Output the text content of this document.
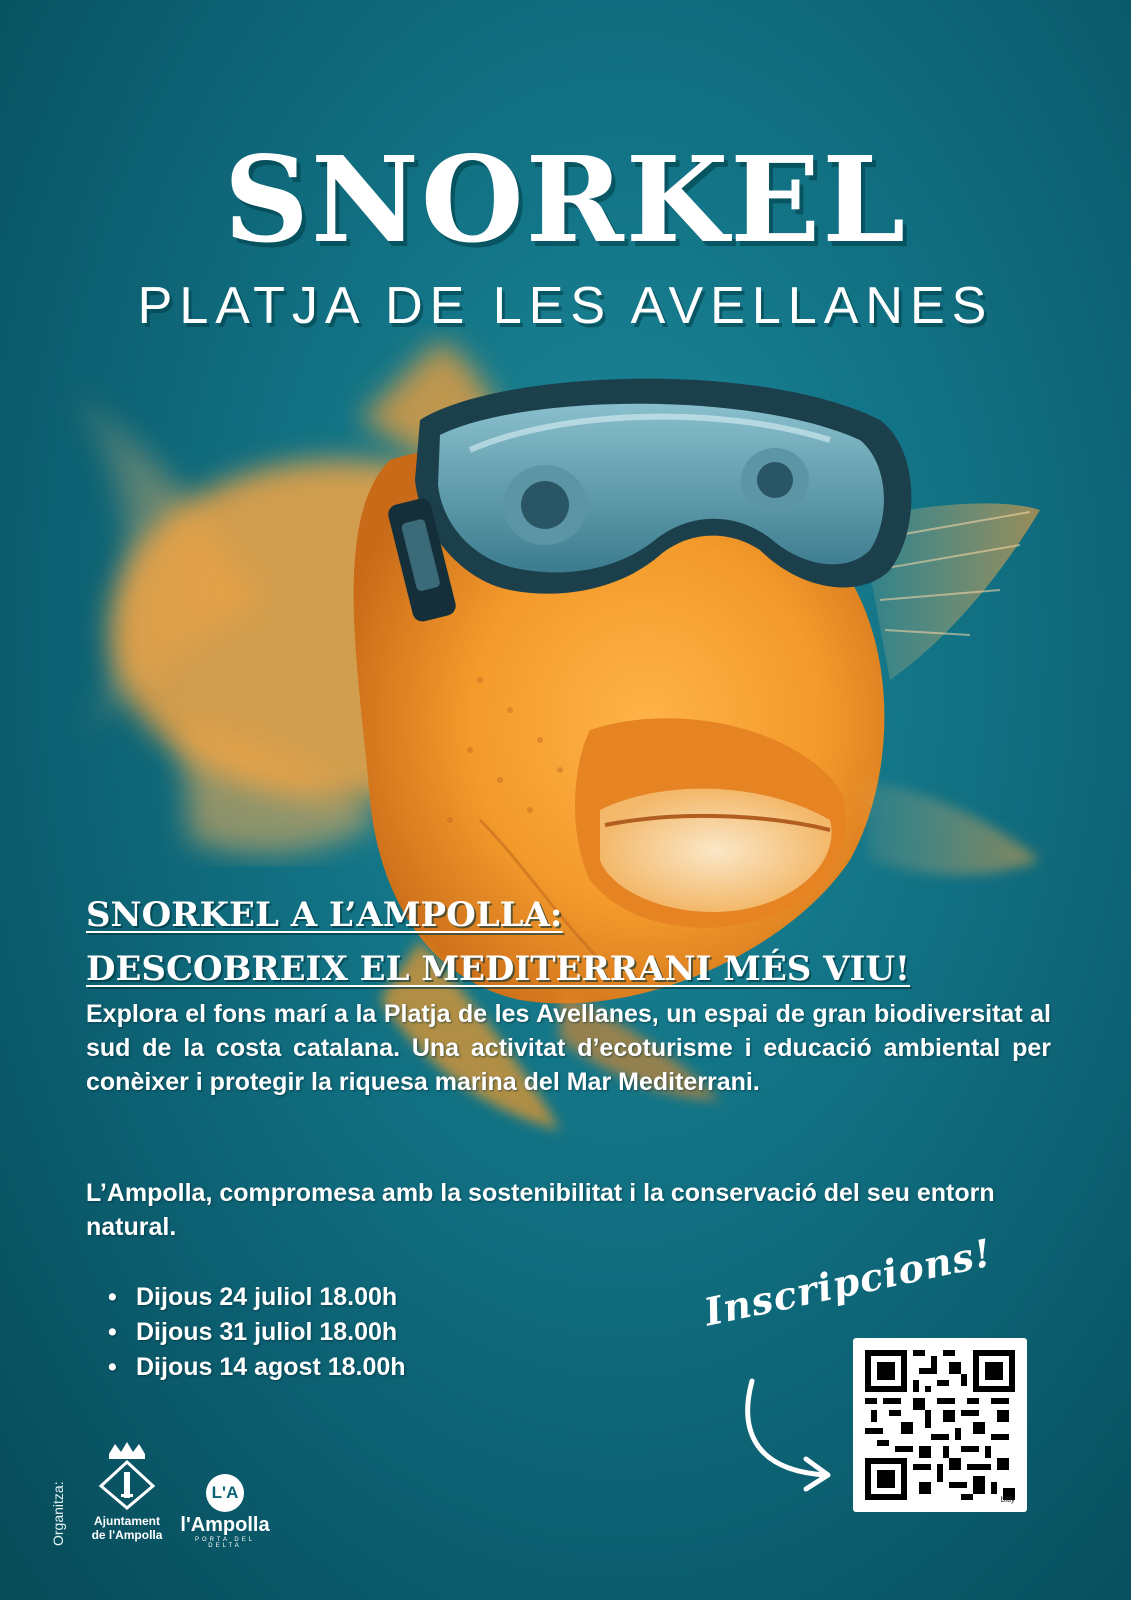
SNORKEL
PLATJA DE LES AVELLANES
SNORKEL A L’AMPOLLA:
DESCOBREIX EL MEDITERRANI MÉS VIU!
Explora el fons marí a la Platja de les Avellanes, un espai de gran biodiversitat al sud de la costa catalana. Una activitat d’ecoturisme i educació ambiental per conèixer i protegir la riquesa marina del Mar Mediterrani.
L’Ampolla, compromesa amb la sostenibilitat i la conservació del seu entorn natural.
• Dijous 24 juliol 18.00h
• Dijous 31 juliol 18.00h
• Dijous 14 agost 18.00h
Inscripcions!
bitly
Organitza:	Ajuntament
de l'Ampolla
L'A
l'Ampolla
PORTA DEL DELTA
